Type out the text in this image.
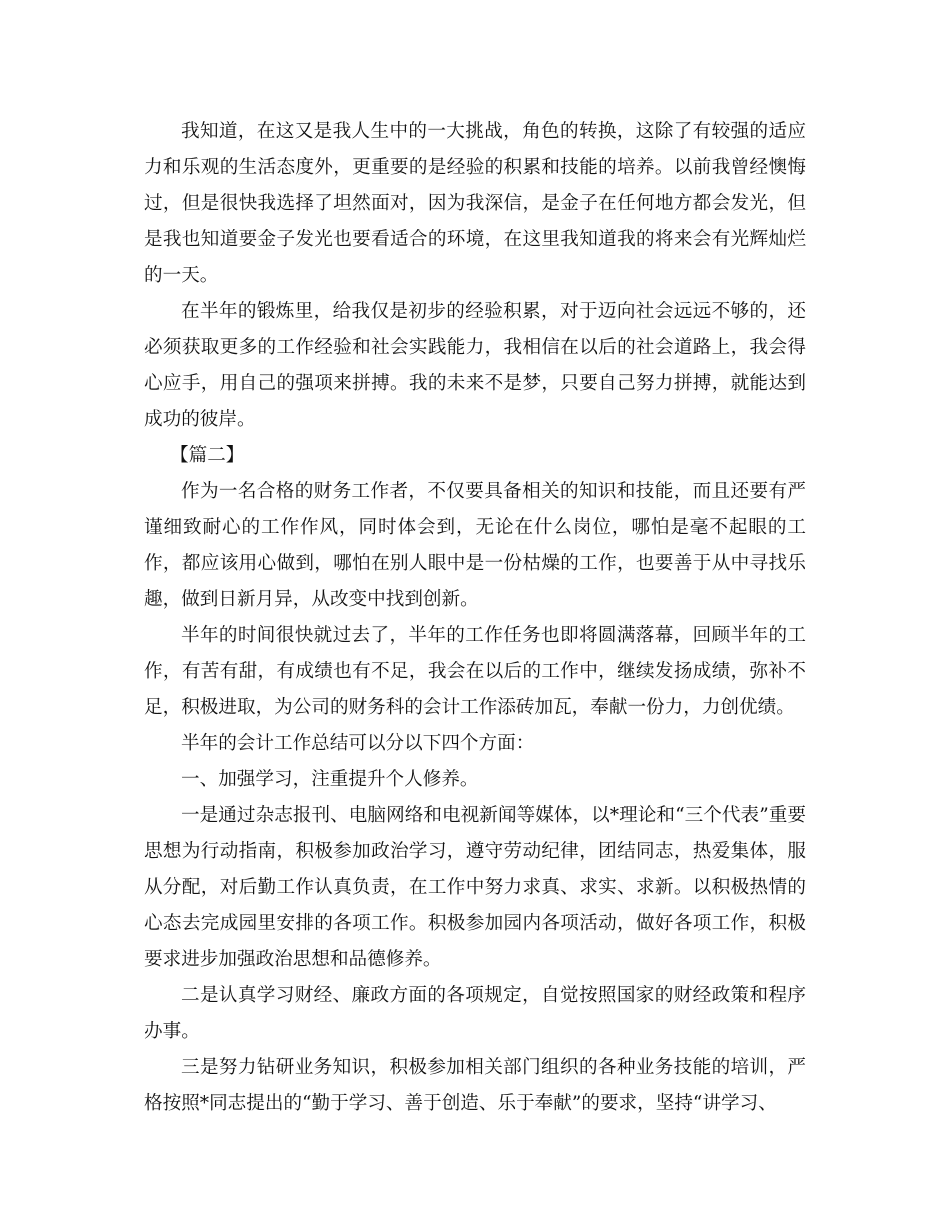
我知道，在这又是我人生中的一大挑战，角色的转换，这除了有较强的适应力和乐观的生活态度外，更重要的是经验的积累和技能的培养。以前我曾经懊悔过，但是很快我选择了坦然面对，因为我深信，是金子在任何地方都会发光，但是我也知道要金子发光也要看适合的环境，在这里我知道我的将来会有光辉灿烂的一天。

在半年的锻炼里，给我仅是初步的经验积累，对于迈向社会远远不够的，还必须获取更多的工作经验和社会实践能力，我相信在以后的社会道路上，我会得心应手，用自己的强项来拼搏。我的未来不是梦，只要自己努力拼搏，就能达到成功的彼岸。

【篇二】

作为一名合格的财务工作者，不仅要具备相关的知识和技能，而且还要有严谨细致耐心的工作作风，同时体会到，无论在什么岗位，哪怕是毫不起眼的工作，都应该用心做到，哪怕在别人眼中是一份枯燥的工作，也要善于从中寻找乐趣，做到日新月异，从改变中找到创新。

半年的时间很快就过去了，半年的工作任务也即将圆满落幕，回顾半年的工作，有苦有甜，有成绩也有不足，我会在以后的工作中，继续发扬成绩，弥补不足，积极进取，为公司的财务科的会计工作添砖加瓦，奉献一份力，力创优绩。

半年的会计工作总结可以分以下四个方面：

一、加强学习，注重提升个人修养。

一是通过杂志报刊、电脑网络和电视新闻等媒体，以*理论和“三个代表”重要思想为行动指南，积极参加政治学习，遵守劳动纪律，团结同志，热爱集体，服从分配，对后勤工作认真负责，在工作中努力求真、求实、求新。以积极热情的心态去完成园里安排的各项工作。积极参加园内各项活动，做好各项工作，积极要求进步加强政治思想和品德修养。

二是认真学习财经、廉政方面的各项规定，自觉按照国家的财经政策和程序办事。

三是努力钻研业务知识，积极参加相关部门组织的各种业务技能的培训，严格按照*同志提出的“勤于学习、善于创造、乐于奉献”的要求，坚持“讲学习、
